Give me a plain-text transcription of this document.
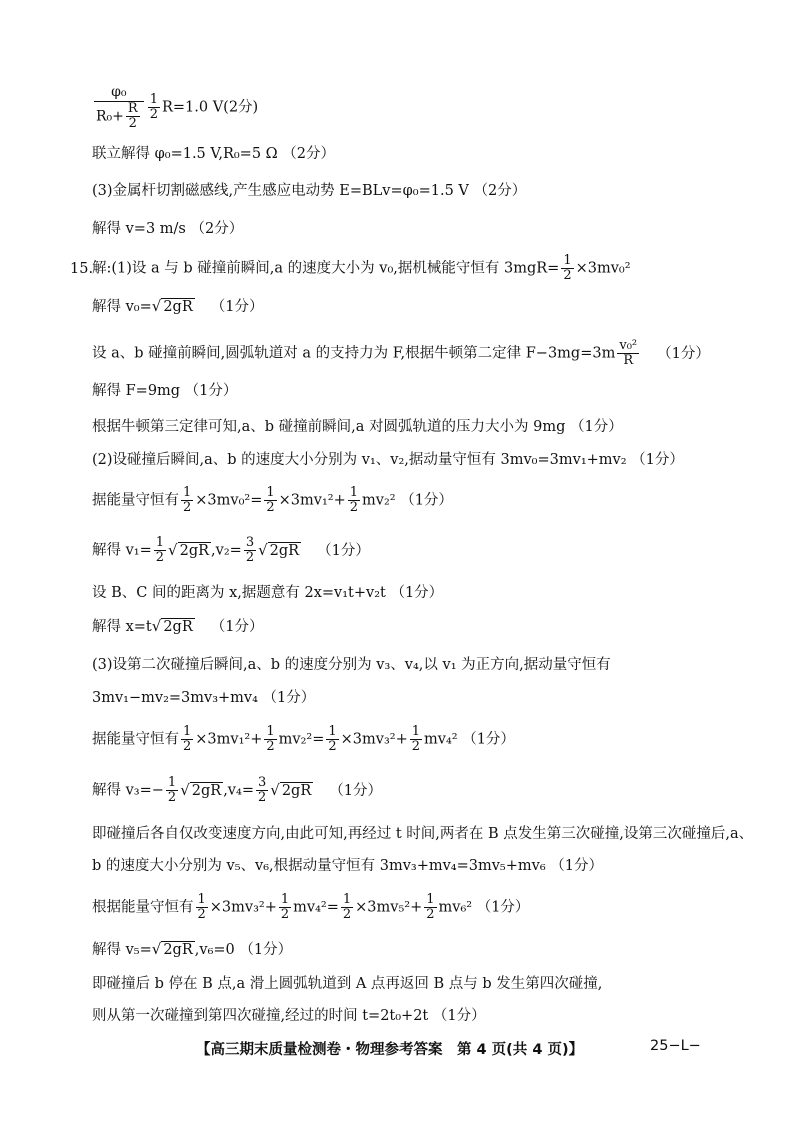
$\frac{\text{φ₀}}{R_0+ \frac{R}{2}} \frac{1}{2} R=1.0$ V(2分)
联立解得 φ₀=1.5 V,R₀=5 Ω （2分）
(3)金属杆切割磁感线,产生感应电动势 E=BLv=φ₀=1.5 V （2分）
解得 v=3 m/s （2分）
15.解:(1)设 a 与 b 碰撞前瞬间,a 的速度大小为 v₀,据机械能守恒有 $3mgR= \frac{1}{2} \times 3mv_0^2$
解得 v₀=√ 2gR （1分）
设 a、b 碰撞前瞬间,圆弧轨道对 a 的支持力为 F,根据牛顿第二定律 $F-3mg=3m \frac{\text{v₀²}}{R} (1$分）
解得 F=9mg （1分）
根据牛顿第三定律可知,a、b 碰撞前瞬间,a 对圆弧轨道的压力大小为 9mg （1分）
(2)设碰撞后瞬间,a、b 的速度大小分别为 v₁、v₂,据动量守恒有 3mv₀=3mv₁+mv₂ （1分）
据能量守恒有 $\frac{1}{2} \times 3mv_0^2= \frac{1}{2} \times 3mv_1^2+ \frac{1}{2} mv_2^2$ （1分）
解得 $v_1= \frac{1}{2}$ √ 2gR $,v_2= \frac{3}{2}$ √ 2gR （1分）
设 B、C 间的距离为 x,据题意有 2x=v₁t+v₂t （1分）
解得 x=t√ 2gR （1分）
(3)设第二次碰撞后瞬间,a、b 的速度分别为 v₃、v₄,以 v₁ 为正方向,据动量守恒有
3mv₁−mv₂=3mv₃+mv₄ （1分）
据能量守恒有 $\frac{1}{2} \times 3mv_1^2+ \frac{1}{2} mv_2^2= \frac{1}{2} \times 3mv_3^2+ \frac{1}{2} mv_4^2$ （1分）
解得 $v_3=- \frac{1}{2}$ √ 2gR $,v_4= \frac{3}{2}$ √ 2gR （1分）
即碰撞后各自仅改变速度方向,由此可知,再经过 t 时间,两者在 B 点发生第三次碰撞,设第三次碰撞后,a、
b 的速度大小分别为 v₅、v₆,根据动量守恒有 3mv₃+mv₄=3mv₅+mv₆ （1分）
根据能量守恒有 $\frac{1}{2} \times 3mv_3^2+ \frac{1}{2} mv_4^2= \frac{1}{2} \times 3mv_5^2+ \frac{1}{2} mv_6^2$ （1分）
解得 v₅=√ 2gR ,v₆=0 （1分）
即碰撞后 b 停在 B 点,a 滑上圆弧轨道到 A 点再返回 B 点与 b 发生第四次碰撞,
则从第一次碰撞到第四次碰撞,经过的时间 t=2t₀+2t （1分）
【高三期末质量检测卷・物理参考答案　第 4 页(共 4 页)】	25−L−
